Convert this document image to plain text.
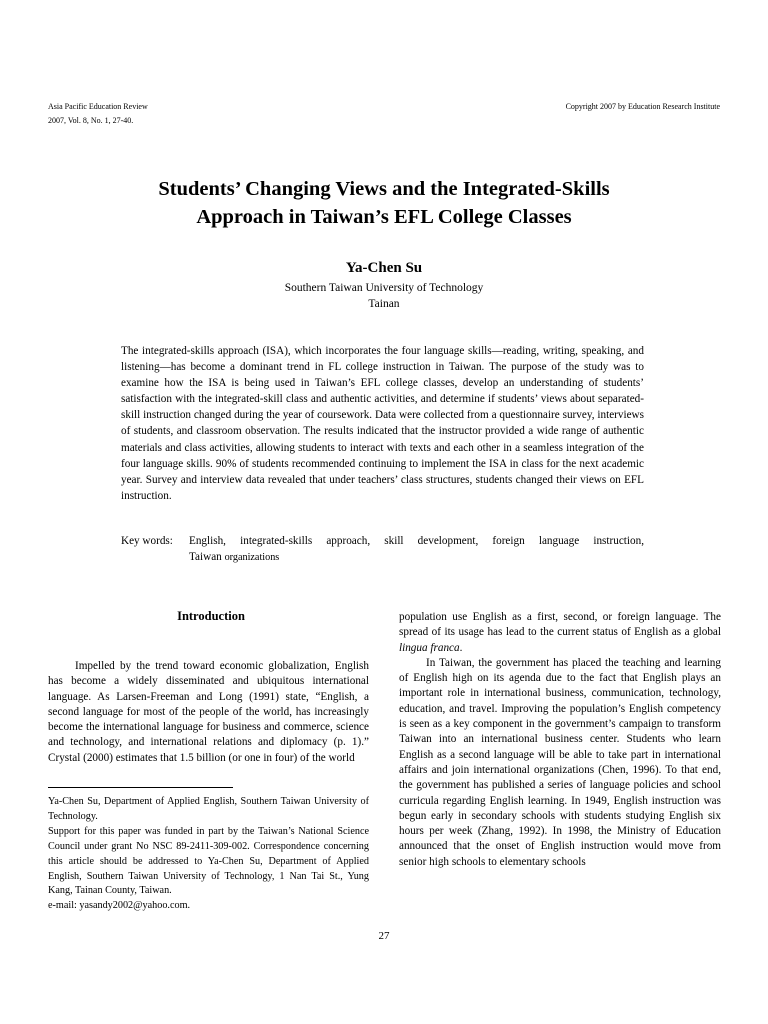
Asia Pacific Education Review
2007, Vol. 8, No. 1, 27-40.
Copyright 2007 by Education Research Institute
Students’ Changing Views and the Integrated-Skills
Approach in Taiwan’s EFL College Classes
Ya-Chen Su
Southern Taiwan University of Technology
Tainan
The integrated-skills approach (ISA), which incorporates the four language skills—reading, writing, speaking, and listening—has become a dominant trend in FL college instruction in Taiwan. The purpose of the study was to examine how the ISA is being used in Taiwan’s EFL college classes, develop an understanding of students’ satisfaction with the integrated-skill class and authentic activities, and determine if students’ views about separated-skill instruction changed during the year of coursework. Data were collected from a questionnaire survey, interviews of students, and classroom observation. The results indicated that the instructor provided a wide range of authentic materials and class activities, allowing students to interact with texts and each other in a seamless integration of the four language skills. 90% of students recommended continuing to implement the ISA in class for the next academic year. Survey and interview data revealed that under teachers’ class structures, students changed their views on EFL instruction.
Key words:	English, integrated-skills approach, skill development, foreign language instruction,
Taiwan organizations
Introduction

Impelled by the trend toward economic globalization, English has become a widely disseminated and ubiquitous international language. As Larsen-Freeman and Long (1991) state, “English, a second language for most of the people of the world, has increasingly become the international language for business and commerce, science and technology, and international relations and diplomacy (p. 1).” Crystal (2000) estimates that 1.5 billion (or one in four) of the world

Ya-Chen Su, Department of Applied English, Southern Taiwan University of Technology.

Support for this paper was funded in part by the Taiwan’s National Science Council under grant No NSC 89-2411-309-002. Correspondence concerning this article should be addressed to Ya-Chen Su, Department of Applied English, Southern Taiwan University of Technology, 1 Nan Tai St., Yung Kang, Tainan County, Taiwan.

e-mail: yasandy2002@yahoo.com.

population use English as a first, second, or foreign language. The spread of its usage has lead to the current status of English as a global lingua franca.

In Taiwan, the government has placed the teaching and learning of English high on its agenda due to the fact that English plays an important role in international business, communication, technology, education, and travel. Improving the population’s English competency is seen as a key component in the government’s campaign to transform Taiwan into an international business center. Students who learn English as a second language will be able to take part in international affairs and join international organizations (Chen, 1996). To that end, the government has published a series of language policies and school curricula regarding English learning. In 1949, English instruction was begun early in secondary schools with students studying English six hours per week (Zhang, 1992). In 1998, the Ministry of Education announced that the onset of English instruction would move from senior high schools to elementary schools

27
